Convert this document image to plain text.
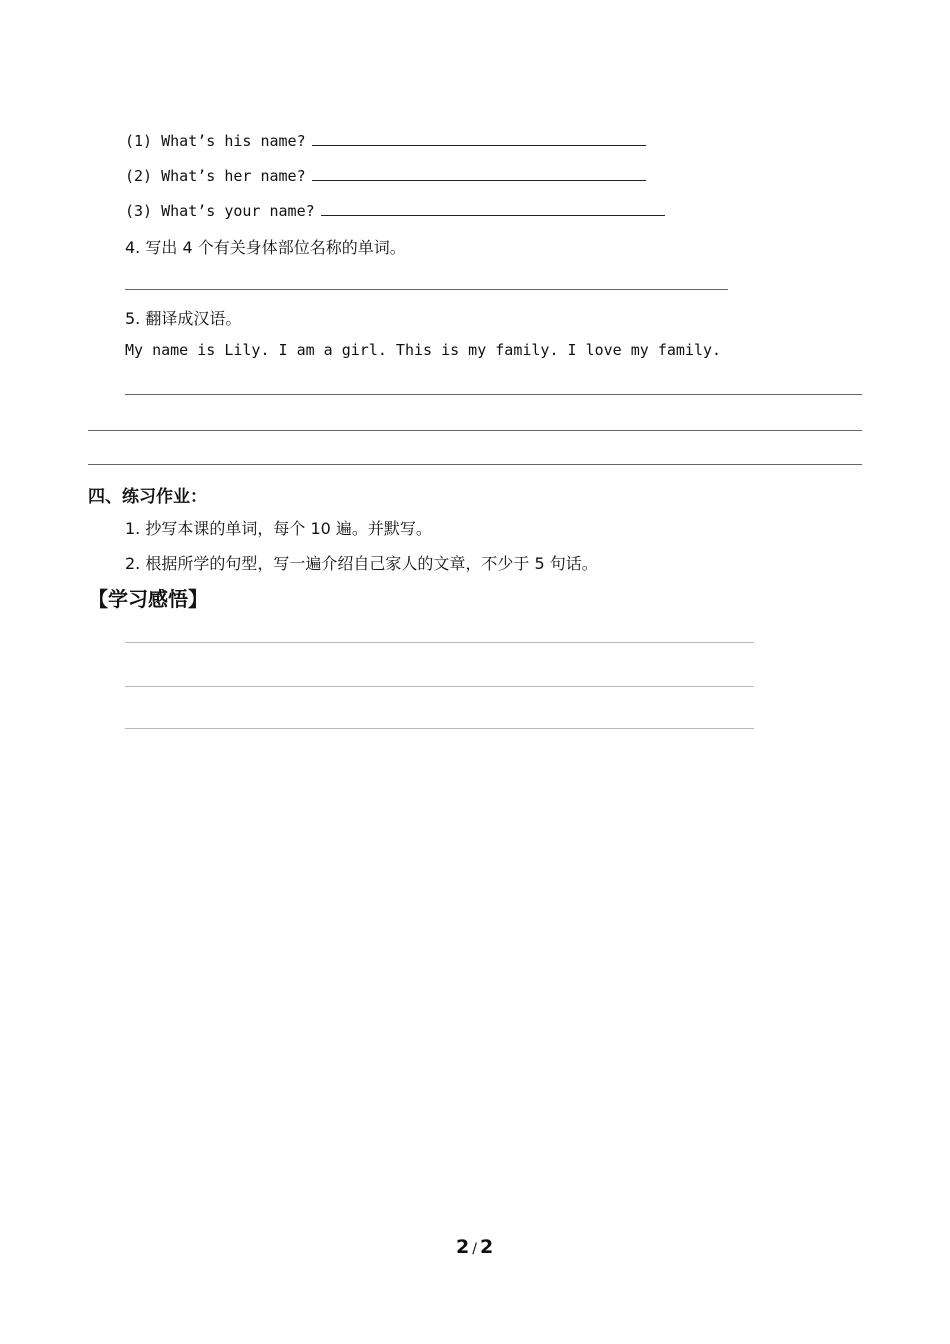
(1) What’s his name?
(2) What’s her name?
(3) What’s your name?
4. 写出 4 个有关身体部位名称的单词。
5. 翻译成汉语。
My name is Lily. I am a girl. This is my family. I love my family.
四、练习作业：
1. 抄写本课的单词，每个 10 遍。并默写。
2. 根据所学的句型，写一遍介绍自己家人的文章，不少于 5 句话。
【学习感悟】
2 / 2
